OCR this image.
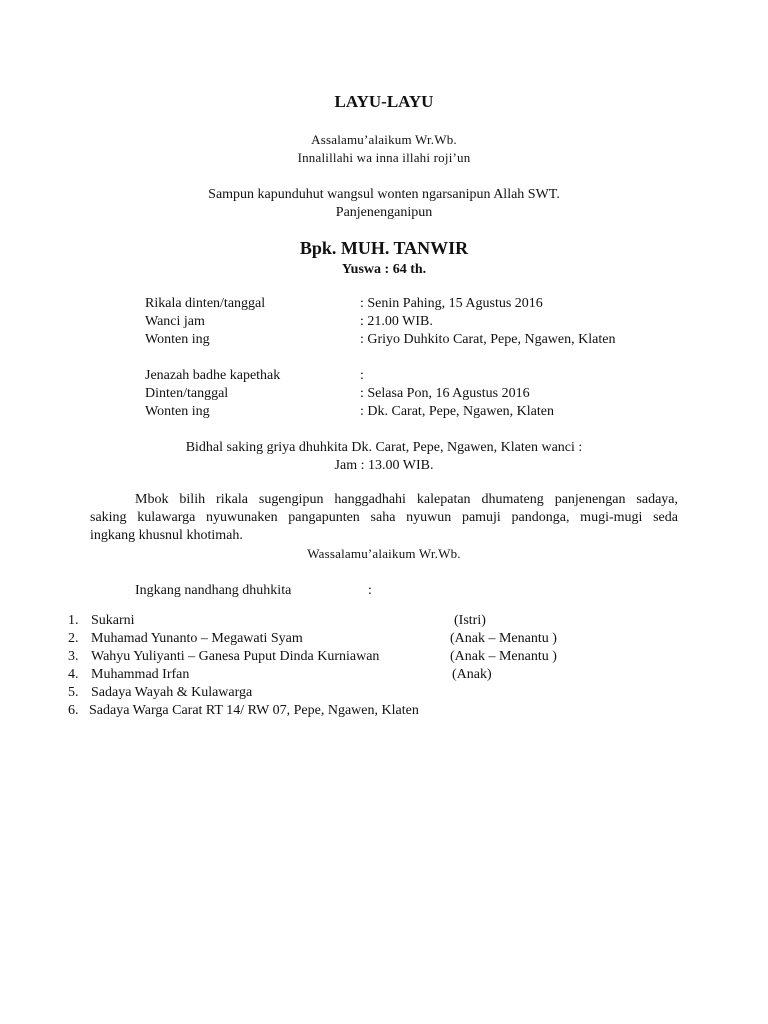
LAYU-LAYU
Assalamu’alaikum Wr.Wb.
Innalillahi wa inna illahi roji’un
Sampun kapunduhut wangsul wonten ngarsanipun Allah SWT.
Panjenenganipun
Bpk. MUH. TANWIR
Yuswa : 64 th.
Rikala dinten/tanggal	: Senin Pahing, 15 Agustus 2016
Wanci jam	: 21.00 WIB.
Wonten ing	: Griyo Duhkito Carat, Pepe, Ngawen, Klaten
Jenazah badhe kapethak	:
Dinten/tanggal	: Selasa Pon, 16 Agustus 2016
Wonten ing	: Dk. Carat, Pepe, Ngawen, Klaten
Bidhal saking griya dhuhkita Dk. Carat, Pepe, Ngawen, Klaten wanci :
Jam : 13.00 WIB.
Mbok bilih rikala sugengipun hanggadhahi kalepatan dhumateng panjenengan sadaya,
saking kulawarga nyuwunaken pangapunten saha nyuwun pamuji pandonga, mugi-mugi seda
ingkang khusnul khotimah.
Wassalamu’alaikum Wr.Wb.
Ingkang nandhang dhuhkita	:
1. Sukarni	(Istri)
2. Muhamad Yunanto – Megawati Syam	(Anak – Menantu )
3. Wahyu Yuliyanti – Ganesa Puput Dinda Kurniawan	(Anak – Menantu )
4. Muhammad Irfan	(Anak)
5. Sadaya Wayah & Kulawarga
6. Sadaya Warga Carat RT 14/ RW 07, Pepe, Ngawen, Klaten
